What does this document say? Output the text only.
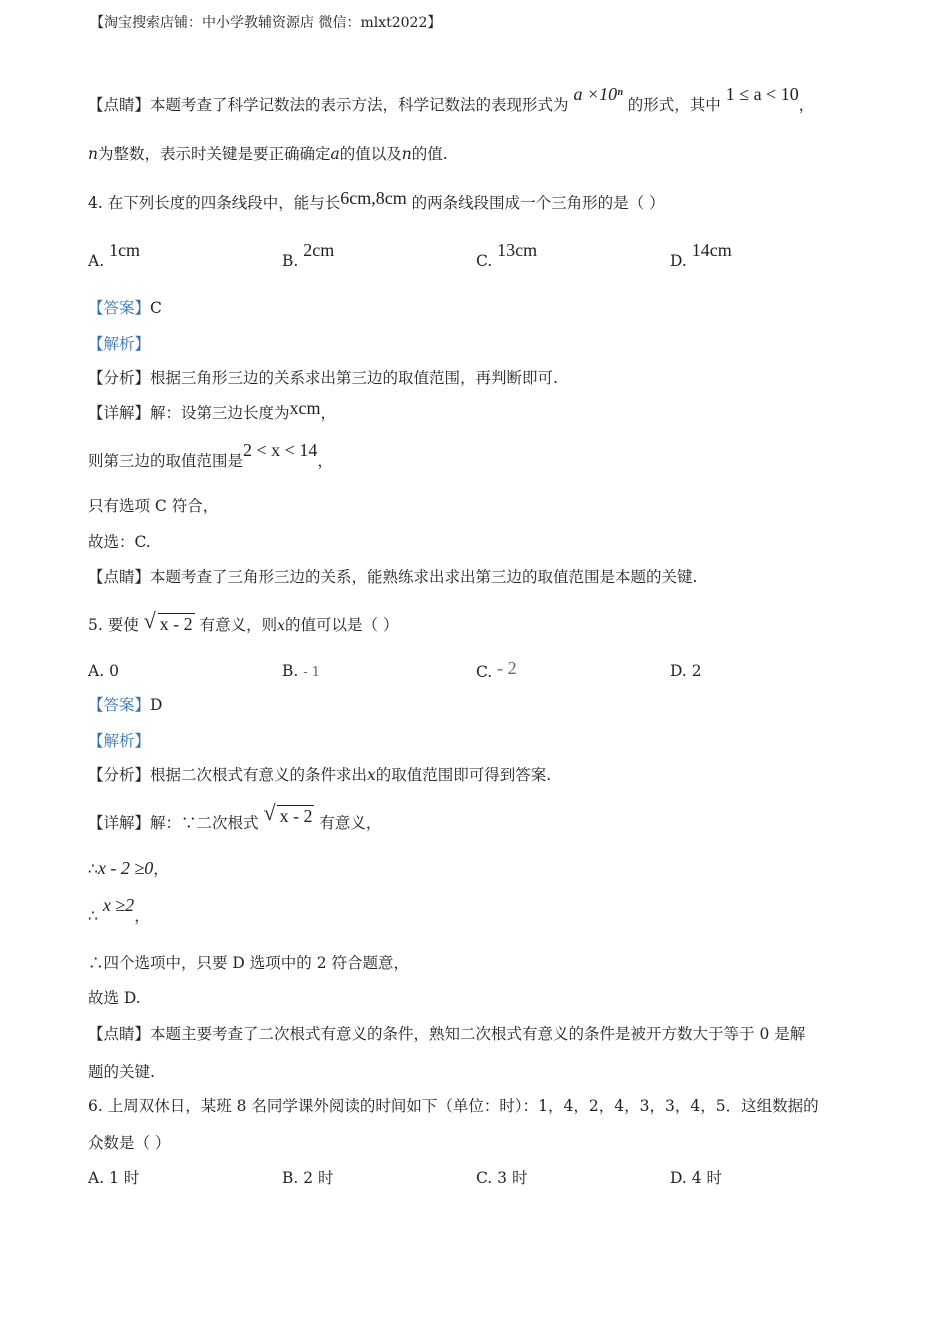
【淘宝搜索店铺：中小学教辅资源店 微信：mlxt2022】
【点睛】本题考查了科学记数法的表示方法，科学记数法的表现形式为 a ×10ⁿ 的形式，其中 1 ≤ a < 10，
n为整数，表示时关键是要正确确定a的值以及n的值.
4. 在下列长度的四条线段中，能与长6cm,8cm 的两条线段围成一个三角形的是（ ）
A. 1cm
B. 2cm
C. 13cm
D. 14cm
【答案】C
【解析】
【分析】根据三角形三边的关系求出第三边的取值范围，再判断即可.
【详解】解：设第三边长度为xcm，
则第三边的取值范围是2 < x < 14，
只有选项 C 符合，
故选：C.
【点睛】本题考查了三角形三边的关系，能熟练求出求出第三边的取值范围是本题的关键.
5. 要使 √ x - 2 有意义，则x的值可以是（ ）
A. 0	B. - 1	C. - 2	D. 2
【答案】D
【解析】
【分析】根据二次根式有意义的条件求出x的取值范围即可得到答案.
【详解】解：∵二次根式 √ x - 2 有意义，
∴x - 2 ≥0，
∴ x ≥2，
∴四个选项中，只要 D 选项中的 2 符合题意，
故选 D.
【点睛】本题主要考查了二次根式有意义的条件，熟知二次根式有意义的条件是被开方数大于等于 0 是解
题的关键.
6. 上周双休日，某班 8 名同学课外阅读的时间如下（单位：时）：1，4，2，4，3，3，4，5．这组数据的
众数是（ ）
A. 1 时	B. 2 时	C. 3 时	D. 4 时
